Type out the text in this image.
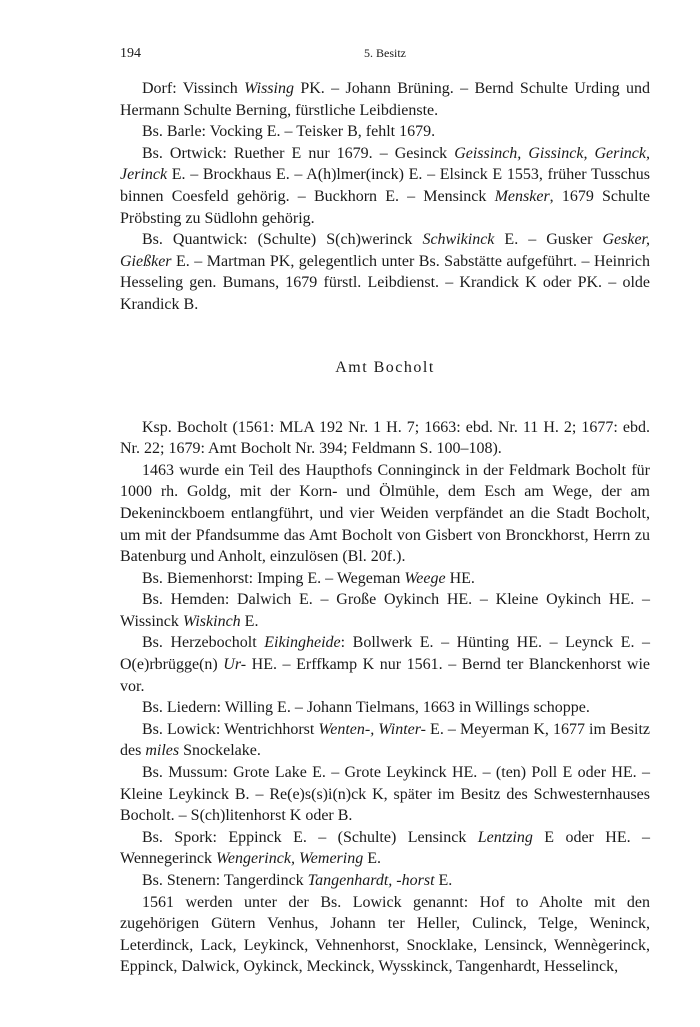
194	5. Besitz

Dorf: Vissinch Wissing PK. – Johann Brüning. – Bernd Schulte Urding und Hermann Schulte Berning, fürstliche Leibdienste.

Bs. Barle: Vocking E. – Teisker B, fehlt 1679.

Bs. Ortwick: Ruether E nur 1679. – Gesinck Geissinch, Gissinck, Gerinck, Jerinck E. – Brockhaus E. – A(h)lmer(inck) E. – Elsinck E 1553, früher Tusschus binnen Coesfeld gehörig. – Buckhorn E. – Mensinck Mensker, 1679 Schulte Pröbsting zu Südlohn gehörig.

Bs. Quantwick: (Schulte) S(ch)werinck Schwikinck E. – Gusker Gesker, Gießker E. – Martman PK, gelegentlich unter Bs. Sabstätte aufgeführt. – Heinrich Hesseling gen. Bumans, 1679 fürstl. Leibdienst. – Krandick K oder PK. – olde Krandick B.

Amt Bocholt

Ksp. Bocholt (1561: MLA 192 Nr. 1 H. 7; 1663: ebd. Nr. 11 H. 2; 1677: ebd. Nr. 22; 1679: Amt Bocholt Nr. 394; Feldmann S. 100–108).

1463 wurde ein Teil des Haupthofs Conninginck in der Feldmark Bocholt für 1000 rh. Goldg, mit der Korn- und Ölmühle, dem Esch am Wege, der am Dekeninckboem entlangführt, und vier Weiden verpfändet an die Stadt Bocholt, um mit der Pfandsumme das Amt Bocholt von Gisbert von Bronckhorst, Herrn zu Batenburg und Anholt, einzulösen (Bl. 20f.).

Bs. Biemenhorst: Imping E. – Wegeman Weege HE.

Bs. Hemden: Dalwich E. – Große Oykinch HE. – Kleine Oykinch HE. – Wissinck Wiskinch E.

Bs. Herzebocholt Eikingheide: Bollwerk E. – Hünting HE. – Leynck E. – O(e)rbrügge(n) Ur- HE. – Erffkamp K nur 1561. – Bernd ter Blanckenhorst wie vor.

Bs. Liedern: Willing E. – Johann Tielmans, 1663 in Willings schoppe.

Bs. Lowick: Wentrichhorst Wenten-, Winter- E. – Meyerman K, 1677 im Besitz des miles Snockelake.

Bs. Mussum: Grote Lake E. – Grote Leykinck HE. – (ten) Poll E oder HE. – Kleine Leykinck B. – Re(e)s(s)i(n)ck K, später im Besitz des Schwesternhauses Bocholt. – S(ch)litenhorst K oder B.

Bs. Spork: Eppinck E. – (Schulte) Lensinck Lentzing E oder HE. – Wennegerinck Wengerinck, Wemering E.

Bs. Stenern: Tangerdinck Tangenhardt, -horst E.

1561 werden unter der Bs. Lowick genannt: Hof to Aholte mit den zugehörigen Gütern Venhus, Johann ter Heller, Culinck, Telge, Weninck, Leterdinck, Lack, Leykinck, Vehnenhorst, Snocklake, Lensinck, Wennègerinck, Eppinck, Dalwick, Oykinck, Meckinck, Wysskinck, Tangenhardt, Hesselinck,
